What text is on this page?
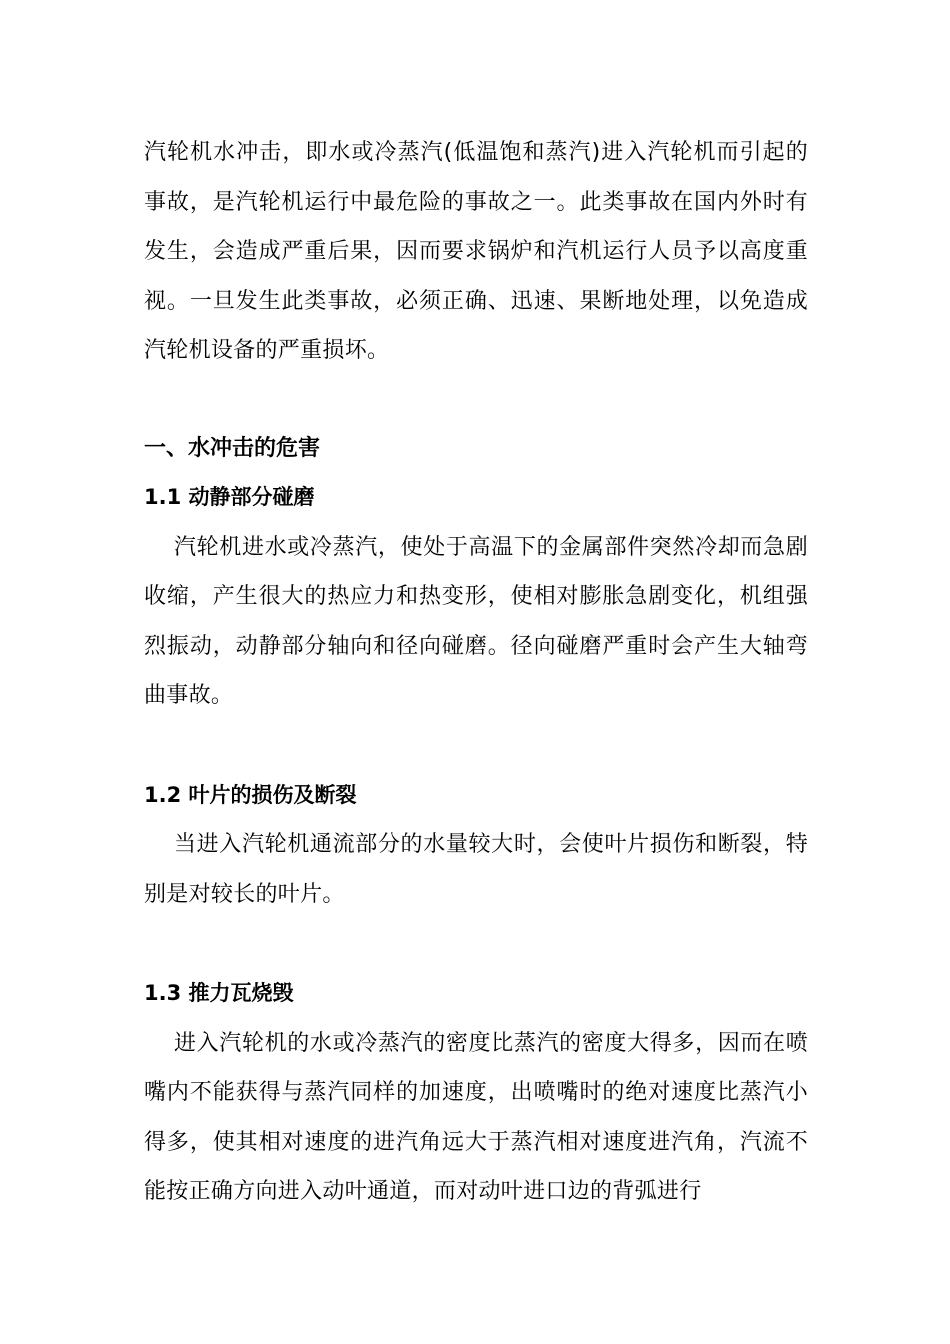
汽轮机水冲击，即水或冷蒸汽(低温饱和蒸汽)进入汽轮机而引起的事故，是汽轮机运行中最危险的事故之一。此类事故在国内外时有发生，会造成严重后果，因而要求锅炉和汽机运行人员予以高度重视。一旦发生此类事故，必须正确、迅速、果断地处理，以免造成汽轮机设备的严重损坏。

一、水冲击的危害

1.1 动静部分碰磨

汽轮机进水或冷蒸汽，使处于高温下的金属部件突然冷却而急剧收缩，产生很大的热应力和热变形，使相对膨胀急剧变化，机组强烈振动，动静部分轴向和径向碰磨。径向碰磨严重时会产生大轴弯曲事故。

1.2 叶片的损伤及断裂

当进入汽轮机通流部分的水量较大时，会使叶片损伤和断裂，特别是对较长的叶片。

1.3 推力瓦烧毁

进入汽轮机的水或冷蒸汽的密度比蒸汽的密度大得多，因而在喷嘴内不能获得与蒸汽同样的加速度，出喷嘴时的绝对速度比蒸汽小得多，使其相对速度的进汽角远大于蒸汽相对速度进汽角，汽流不能按正确方向进入动叶通道，而对动叶进口边的背弧进行
